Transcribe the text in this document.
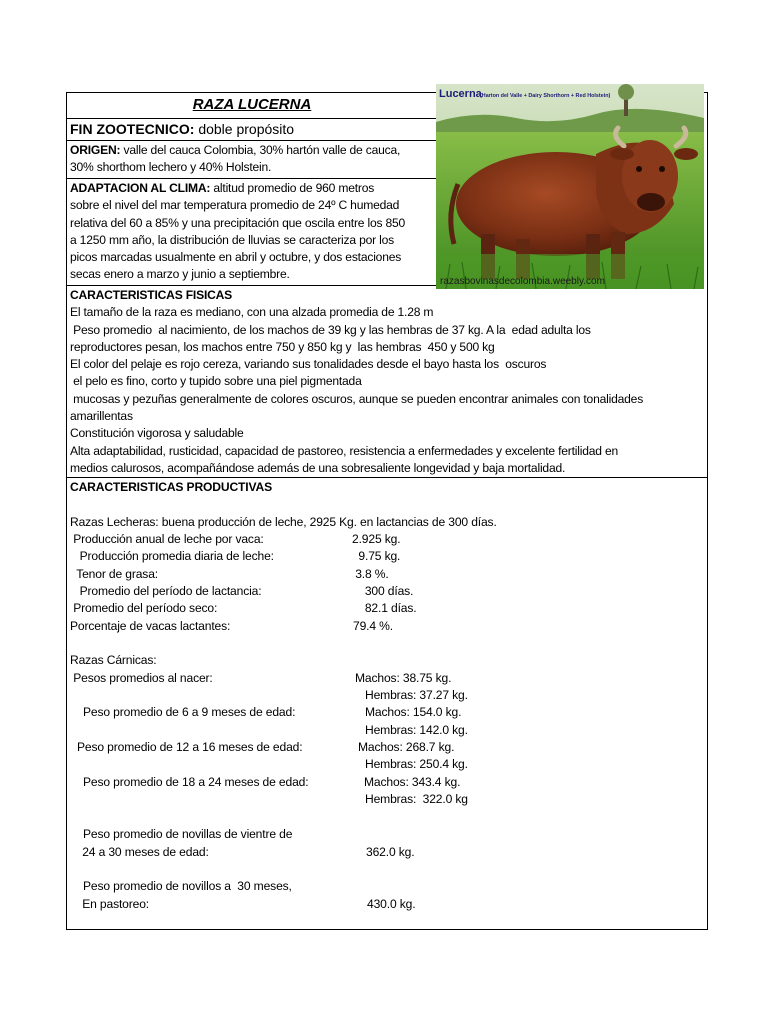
RAZA LUCERNA
FIN ZOOTECNICO: doble propósito
ORIGEN: valle del cauca Colombia, 30% hartón valle de cauca,
30% shorthom lechero y 40% Holstein.
ADAPTACION AL CLIMA: altitud promedio de 960 metros
sobre el nivel del mar temperatura promedio de 24º C humedad
relativa del 60 a 85% y una precipitación que oscila entre los 850
a 1250 mm año, la distribución de lluvias se caracteriza por los
picos marcadas usualmente en abril y octubre, y dos estaciones
secas enero a marzo y junio a septiembre.
CARACTERISTICAS FISICAS
El tamaño de la raza es mediano, con una alzada promedia de 1.28 m
Peso promedio  al nacimiento, de los machos de 39 kg y las hembras de 37 kg. A la  edad adulta los
reproductores pesan, los machos entre 750 y 850 kg y  las hembras  450 y 500 kg
El color del pelaje es rojo cereza, variando sus tonalidades desde el bayo hasta los  oscuros
el pelo es fino, corto y tupido sobre una piel pigmentada
mucosas y pezuñas generalmente de colores oscuros, aunque se pueden encontrar animales con tonalidades
amarillentas
Constitución vigorosa y saludable
Alta adaptabilidad, rusticidad, capacidad de pastoreo, resistencia a enfermedades y excelente fertilidad en
medios calurosos, acompañándose además de una sobresaliente longevidad y baja mortalidad.
CARACTERISTICAS PRODUCTIVAS
Razas Lecheras: buena producción de leche, 2925 Kg. en lactancias de 300 días.
Producción anual de leche por vaca:	2.925 kg.
Producción promedia diaria de leche:	9.75 kg.
Tenor de grasa:	3.8 %.
Promedio del período de lactancia:	300 días.
Promedio del período seco:	82.1 días.
Porcentaje de vacas lactantes:	79.4 %.
Razas Cárnicas:
Pesos promedios al nacer:	Machos: 38.75 kg.
Hembras: 37.27 kg.
Peso promedio de 6 a 9 meses de edad:	Machos: 154.0 kg.
Hembras: 142.0 kg.
Peso promedio de 12 a 16 meses de edad:	Machos: 268.7 kg.
Hembras: 250.4 kg.
Peso promedio de 18 a 24 meses de edad:	Machos: 343.4 kg.
Hembras:  322.0 kg
Peso promedio de novillas de vientre de
24 a 30 meses de edad:	362.0 kg.
Peso promedio de novillos a  30 meses,
En pastoreo:	430.0 kg.
Lucerna
(Harton del Valle + Dairy Shorthorn + Red Holstein)
razasbovinasdecolombia.weebly.com
